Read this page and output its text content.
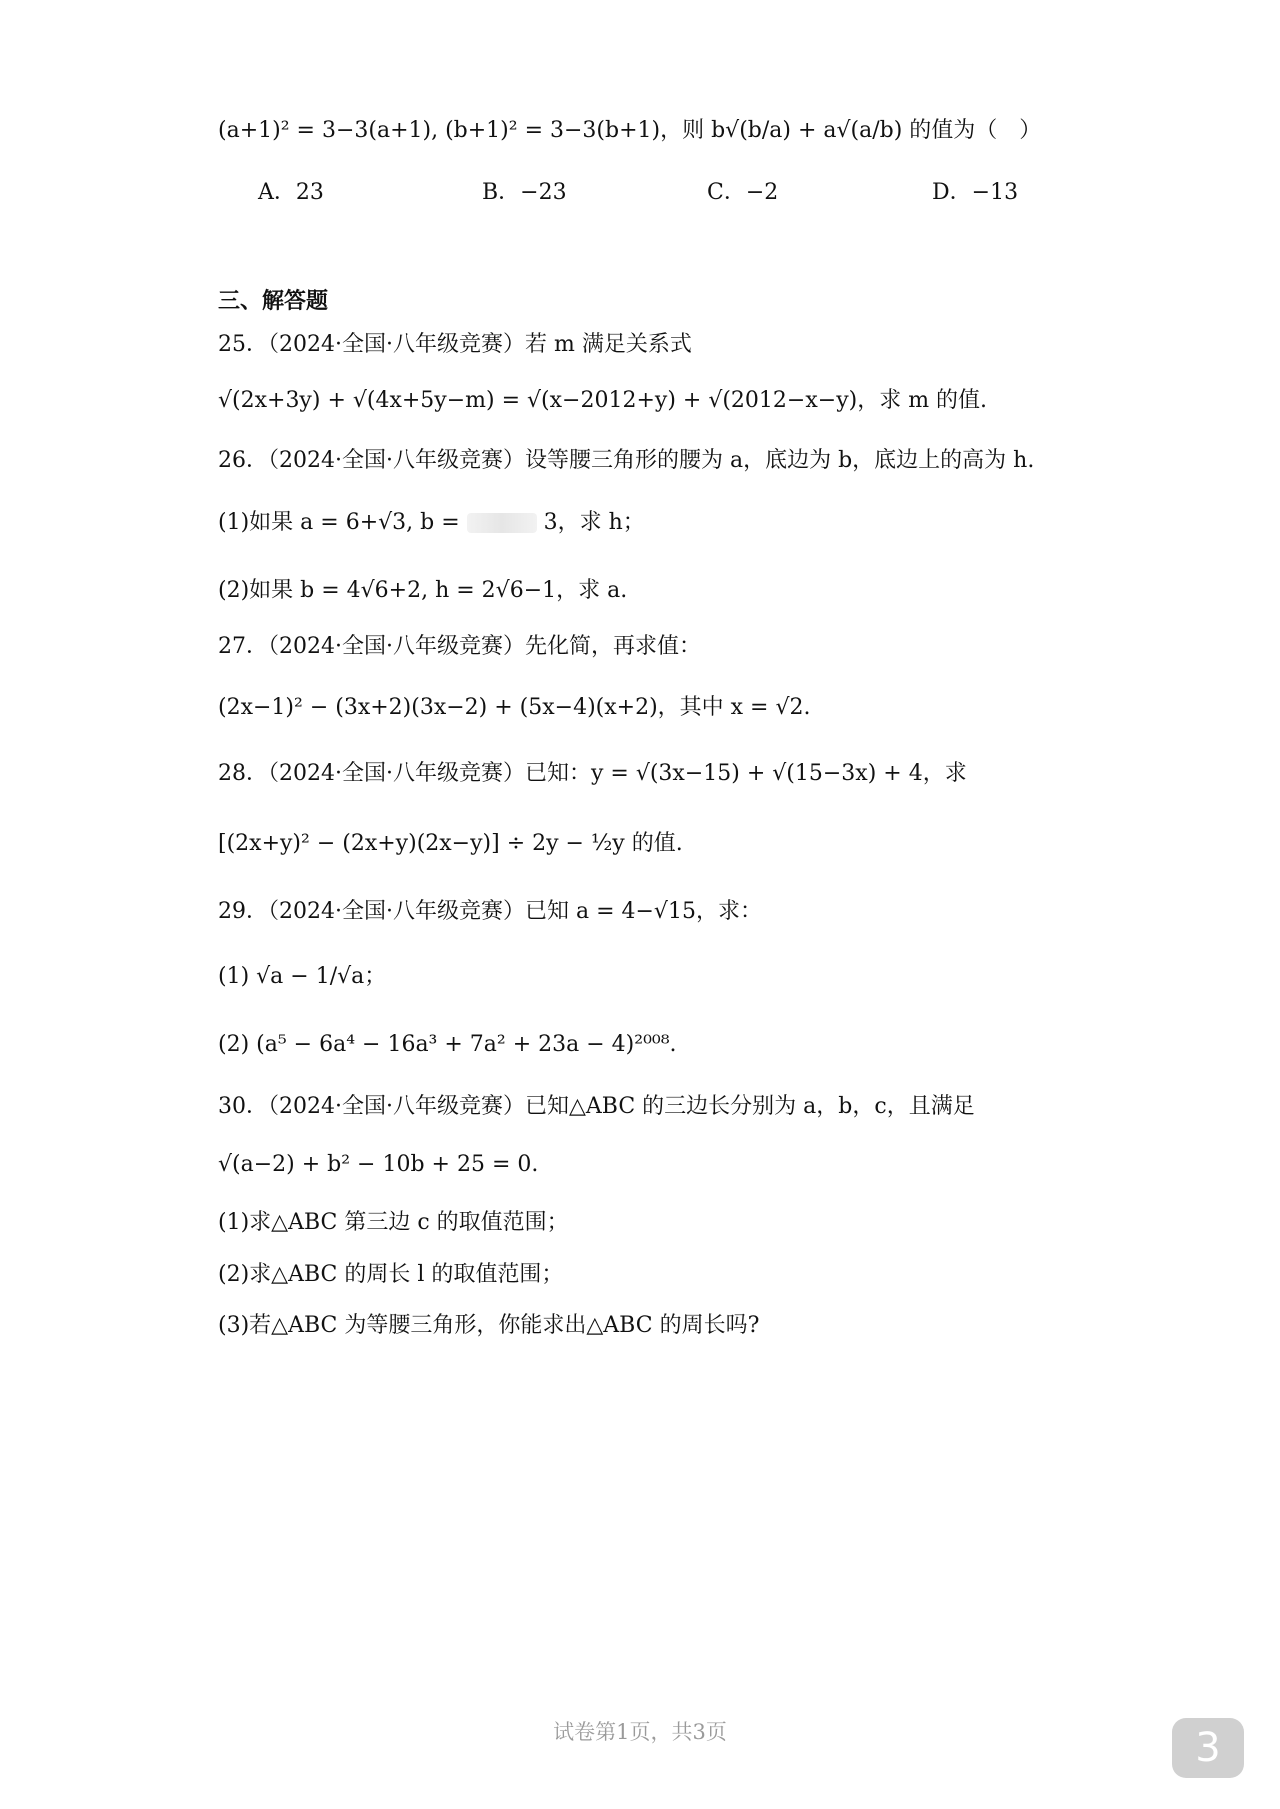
(a+1)² = 3−3(a+1), (b+1)² = 3−3(b+1)，则 b√(b/a) + a√(a/b) 的值为（　）
A．23	B．−23	C．−2	D．−13
三、解答题
25．（2024·全国·八年级竞赛）若 m 满足关系式
√(2x+3y) + √(4x+5y−m) = √(x−2012+y) + √(2012−x−y)，求 m 的值.
26．（2024·全国·八年级竞赛）设等腰三角形的腰为 a，底边为 b，底边上的高为 h.
(1)如果 a = 6+√3, b =	3，求 h；
(2)如果 b = 4√6+2, h = 2√6−1，求 a.
27．（2024·全国·八年级竞赛）先化简，再求值：
(2x−1)² − (3x+2)(3x−2) + (5x−4)(x+2)，其中 x = √2.
28．（2024·全国·八年级竞赛）已知：y = √(3x−15) + √(15−3x) + 4，求
[(2x+y)² − (2x+y)(2x−y)] ÷ 2y − ½y 的值.
29．（2024·全国·八年级竞赛）已知 a = 4−√15，求：
(1) √a − 1/√a；
(2) (a⁵ − 6a⁴ − 16a³ + 7a² + 23a − 4)²⁰⁰⁸.
30．（2024·全国·八年级竞赛）已知△ABC 的三边长分别为 a，b，c，且满足
√(a−2) + b² − 10b + 25 = 0.
(1)求△ABC 第三边 c 的取值范围；
(2)求△ABC 的周长 l 的取值范围；
(3)若△ABC 为等腰三角形，你能求出△ABC 的周长吗?
试卷第1页，共3页	3
